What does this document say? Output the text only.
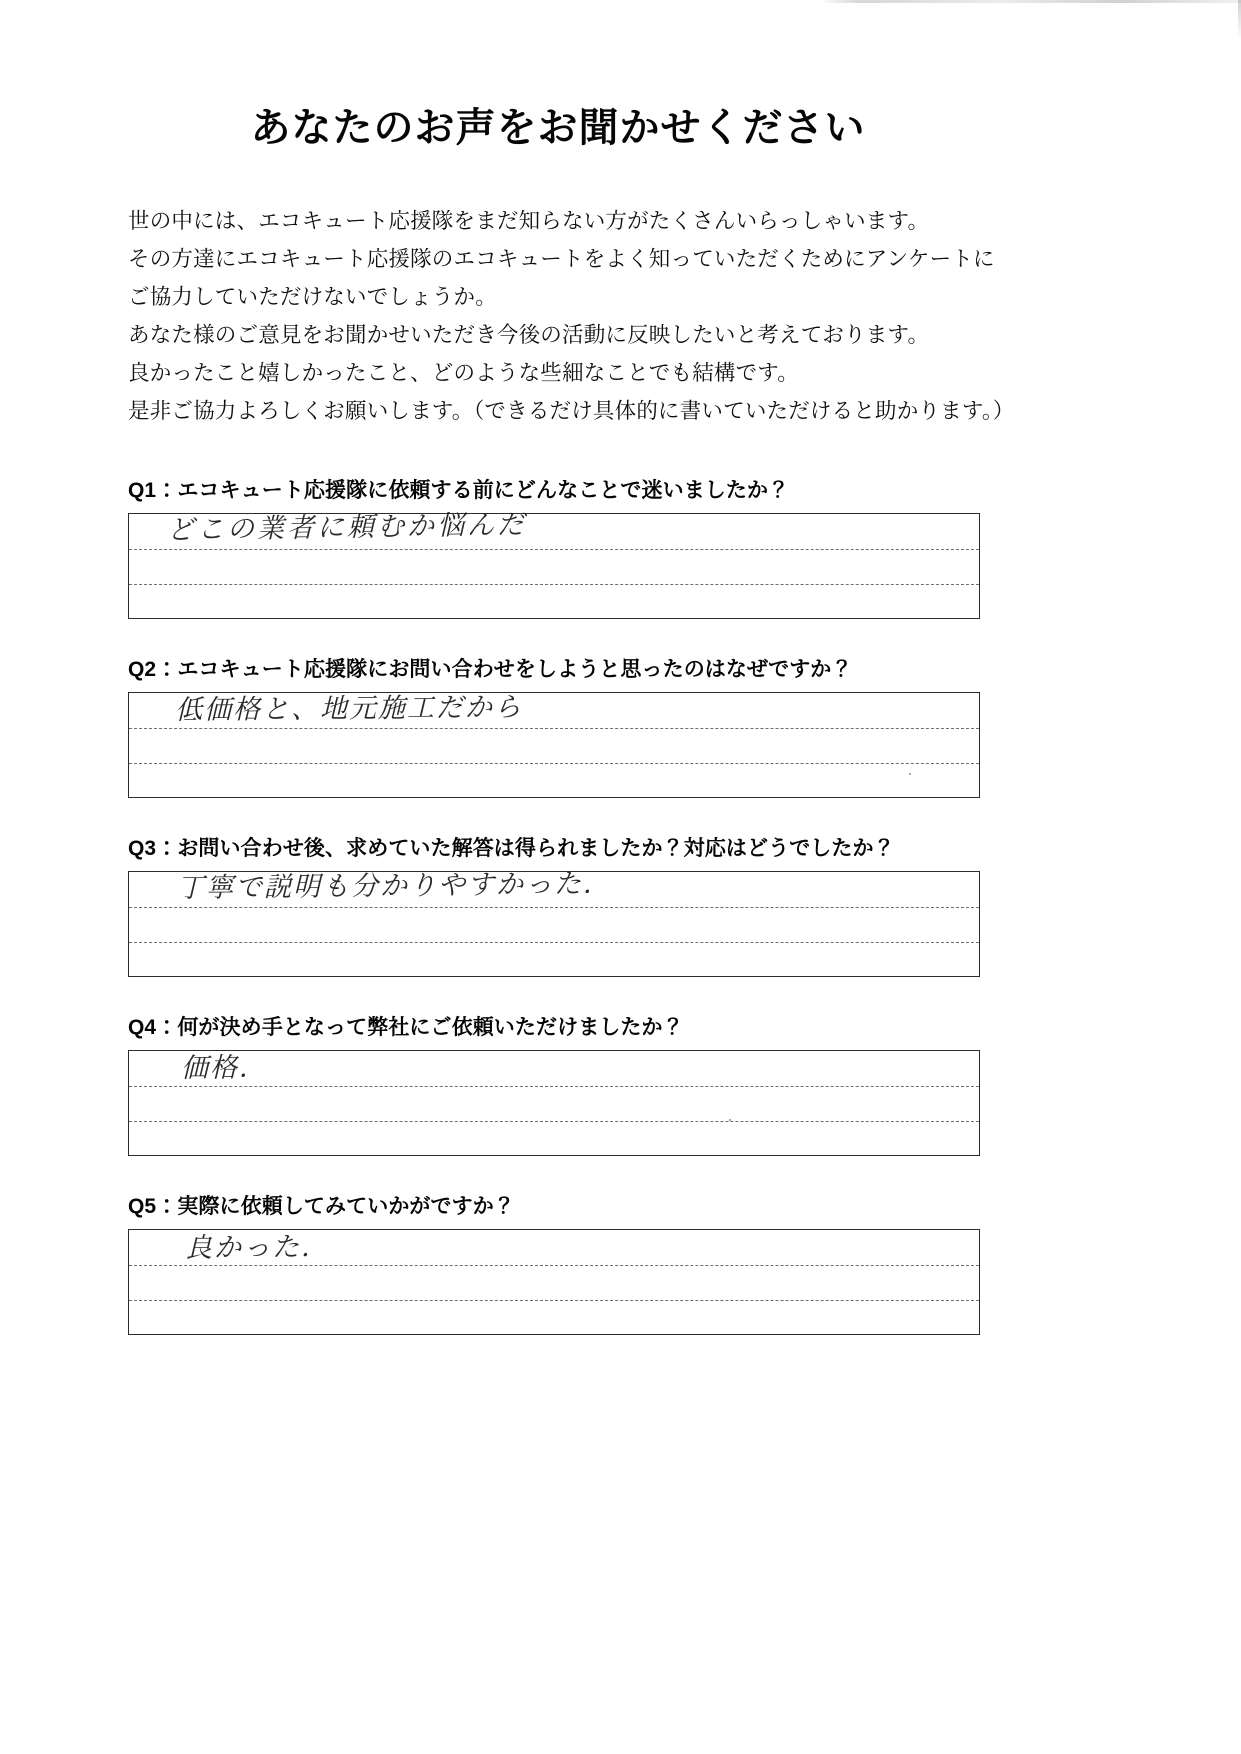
あなたのお声をお聞かせください
世の中には、エコキュート応援隊をまだ知らない方がたくさんいらっしゃいます。
その方達にエコキュート応援隊のエコキュートをよく知っていただくためにアンケートに
ご協力していただけないでしょうか。
あなた様のご意見をお聞かせいただき今後の活動に反映したいと考えております。
良かったこと嬉しかったこと、どのような些細なことでも結構です。
是非ご協力よろしくお願いします。（できるだけ具体的に書いていただけると助かります。）
Q1：エコキュート応援隊に依頼する前にどんなことで迷いましたか？
どこの業者に頼むか悩んだ
Q2：エコキュート応援隊にお問い合わせをしようと思ったのはなぜですか？
低価格と、地元施工だから
Q3：お問い合わせ後、求めていた解答は得られましたか？対応はどうでしたか？
丁寧で説明も分かりやすかった.
Q4：何が決め手となって弊社にご依頼いただけましたか？
価格.
Q5：実際に依頼してみていかがですか？
良かった.
